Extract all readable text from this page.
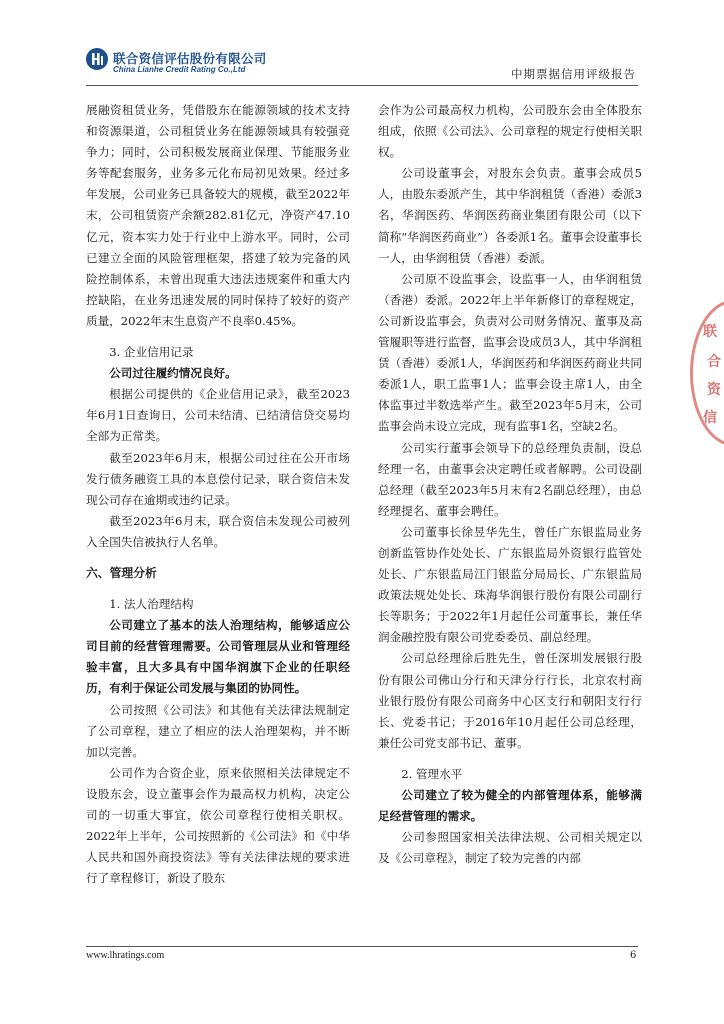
联合资信评估股份有限公司
China Lianhe Credit Rating Co.,Ltd	中期票据信用评级报告

展融资租赁业务，凭借股东在能源领域的技术支持和资源渠道，公司租赁业务在能源领域具有较强竞争力；同时，公司积极发展商业保理、节能服务业务等配套服务，业务多元化布局初见效果。经过多年发展，公司业务已具备较大的规模，截至2022年末，公司租赁资产余额282.81亿元，净资产47.10亿元，资本实力处于行业中上游水平。同时，公司已建立全面的风险管理框架，搭建了较为完备的风险控制体系，未曾出现重大违法违规案件和重大内控缺陷，在业务迅速发展的同时保持了较好的资产质量，2022年末生息资产不良率0.45%。

3. 企业信用记录

公司过往履约情况良好。

根据公司提供的《企业信用记录》，截至2023年6月1日查询日，公司未结清、已结清信贷交易均全部为正常类。

截至2023年6月末，根据公司过往在公开市场发行债务融资工具的本息偿付记录，联合资信未发现公司存在逾期或违约记录。

截至2023年6月末，联合资信未发现公司被列入全国失信被执行人名单。

六、管理分析

1. 法人治理结构

公司建立了基本的法人治理结构，能够适应公司目前的经营管理需要。公司管理层从业和管理经验丰富，且大多具有中国华润旗下企业的任职经历，有利于保证公司发展与集团的协同性。

公司按照《公司法》和其他有关法律法规制定了公司章程，建立了相应的法人治理架构，并不断加以完善。

公司作为合资企业，原来依照相关法律规定不设股东会，设立董事会作为最高权力机构，决定公司的一切重大事宜，依公司章程行使相关职权。2022年上半年，公司按照新的《公司法》和《中华人民共和国外商投资法》等有关法律法规的要求进行了章程修订，新设了股东

会作为公司最高权力机构，公司股东会由全体股东组成，依照《公司法》、公司章程的规定行使相关职权。

公司设董事会，对股东会负责。董事会成员5人，由股东委派产生，其中华润租赁（香港）委派3名，华润医药、华润医药商业集团有限公司（以下简称“华润医药商业”）各委派1名。董事会设董事长一人，由华润租赁（香港）委派。

公司原不设监事会，设监事一人，由华润租赁（香港）委派。2022年上半年新修订的章程规定，公司新设监事会，负责对公司财务情况、董事及高管履职等进行监督，监事会设成员3人，其中华润租赁（香港）委派1人，华润医药和华润医药商业共同委派1人，职工监事1人；监事会设主席1人，由全体监事过半数选举产生。截至2023年5月末，公司监事会尚未设立完成，现有监事1名，空缺2名。

公司实行董事会领导下的总经理负责制，设总经理一名，由董事会决定聘任或者解聘。公司设副总经理（截至2023年5月末有2名副总经理），由总经理提名、董事会聘任。

公司董事长徐昱华先生，曾任广东银监局业务创新监管协作处处长、广东银监局外资银行监管处处长、广东银监局江门银监分局局长、广东银监局政策法规处处长、珠海华润银行股份有限公司副行长等职务；于2022年1月起任公司董事长，兼任华润金融控股有限公司党委委员、副总经理。

公司总经理徐后胜先生，曾任深圳发展银行股份有限公司佛山分行和天津分行行长，北京农村商业银行股份有限公司商务中心区支行和朝阳支行行长、党委书记；于2016年10月起任公司总经理，兼任公司党支部书记、董事。

2. 管理水平

公司建立了较为健全的内部管理体系，能够满足经营管理的需求。

公司参照国家相关法律法规、公司相关规定以及《公司章程》，制定了较为完善的内部

联
合
资
信
www.lhratings.com	6
